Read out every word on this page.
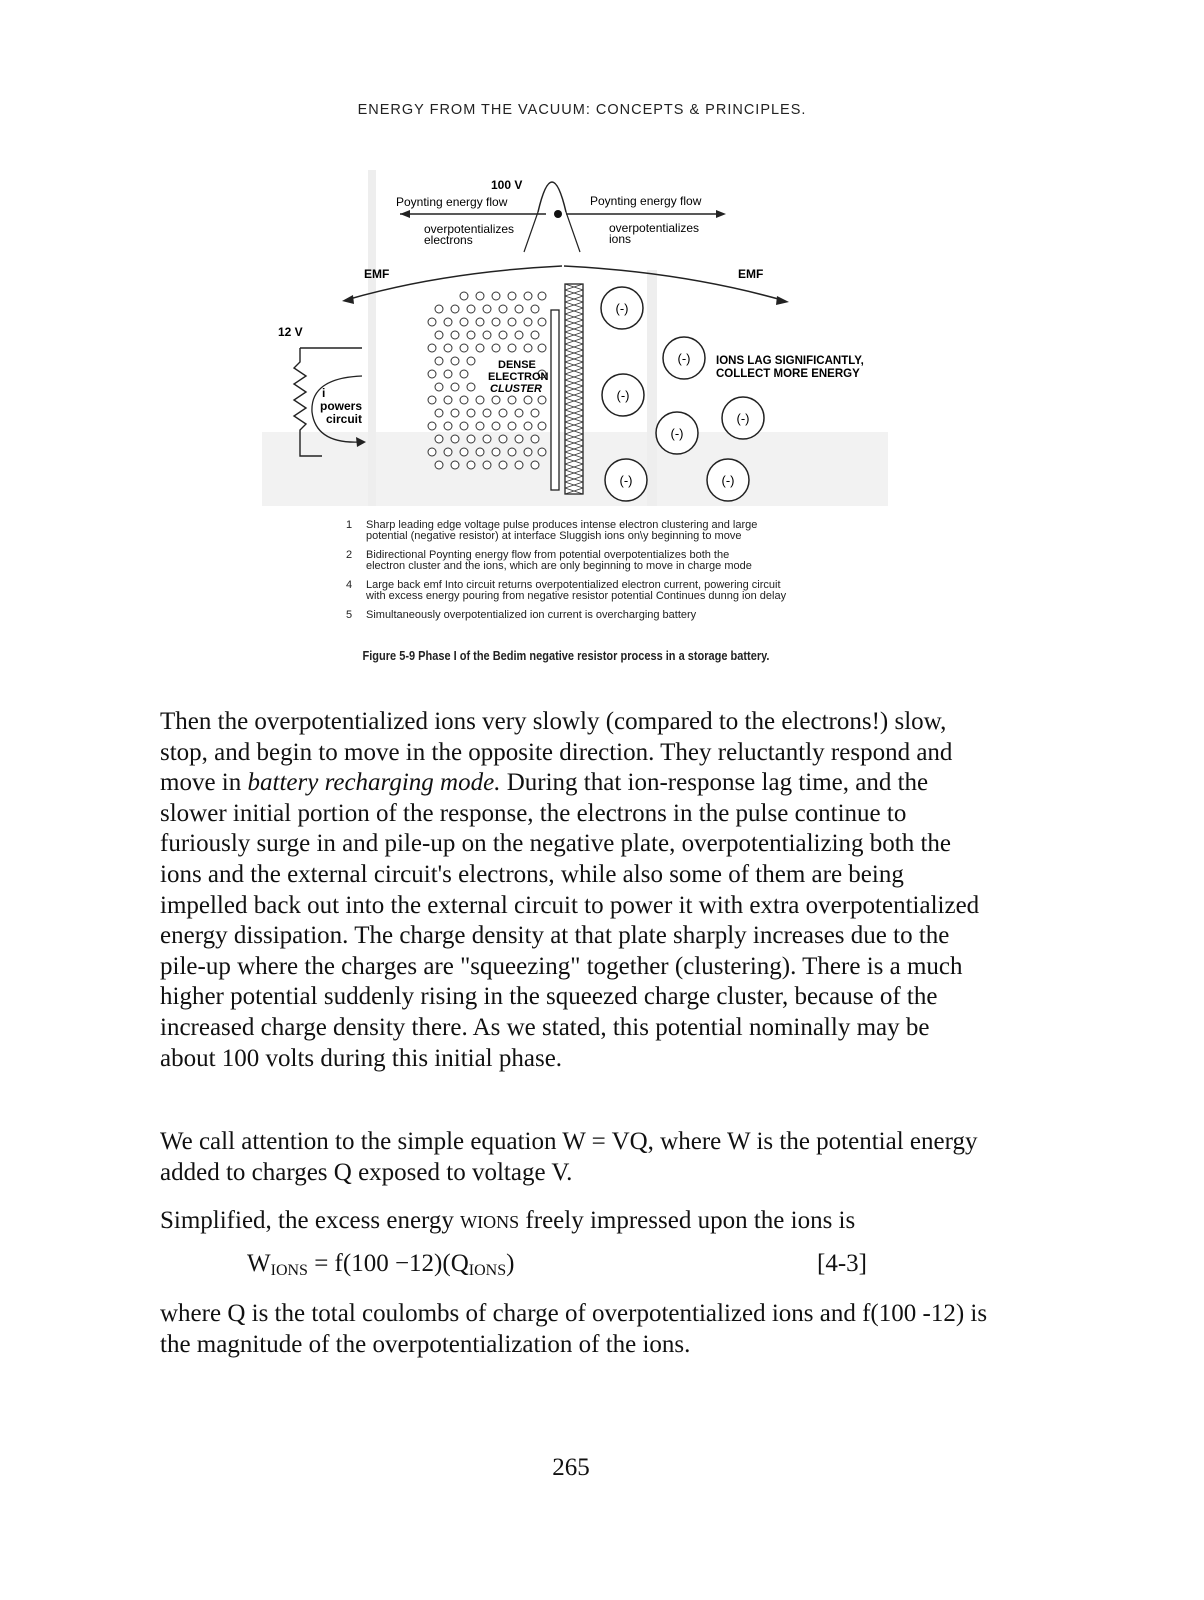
ENERGY FROM THE VACUUM: CONCEPTS & PRINCIPLES.
100 V
Poynting energy flow	Poynting energy flow
overpotentializes
electrons
overpotentializes
ions
EMF	EMF
12 V
i
powers
circuit
DENSE
ELECTRON
CLUSTER
(-)
(-)
(-)
(-)
(-)
(-)	(-)
IONS LAG SIGNIFICANTLY,
COLLECT MORE ENERGY
1	Sharp leading edge voltage pulse produces intense electron clustering and large
potential (negative resistor) at interface Sluggish ions on\y beginning to move
2	Bidirectional Poynting energy flow from potential overpotentializes both the
electron cluster and the ions, which are only beginning to move in charge mode
4	Large back emf Into circuit returns overpotentialized electron current, powering circuit
with excess energy pouring from negative resistor potential Continues dunng ion delay
5	Simultaneously overpotentialized ion current is overcharging battery
Figure 5-9 Phase I of the Bedim negative resistor process in a storage battery.
Then the overpotentialized ions very slowly (compared to the electrons!) slow, stop, and begin to move in the opposite direction. They reluctantly respond and move in battery recharging mode. During that ion-response lag time, and the slower initial portion of the response, the electrons in the pulse continue to furiously surge in and pile-up on the negative plate, overpotentializing both the ions and the external circuit's electrons, while also some of them are being impelled back out into the external circuit to power it with extra overpotentialized energy dissipation. The charge density at that plate sharply increases due to the pile-up where the charges are "squeezing" together (clustering). There is a much higher potential suddenly rising in the squeezed charge cluster, because of the increased charge density there. As we stated, this potential nominally may be about 100 volts during this initial phase.
We call attention to the simple equation W = VQ, where W is the potential energy added to charges Q exposed to voltage V.
Simplified, the excess energy WIONS freely impressed upon the ions is
$W_{IONS} = f(100 -12)(Q_{IONS})$	[4-3]
where Q is the total coulombs of charge of overpotentialized ions and f(100 -12) is the magnitude of the overpotentialization of the ions.
265
